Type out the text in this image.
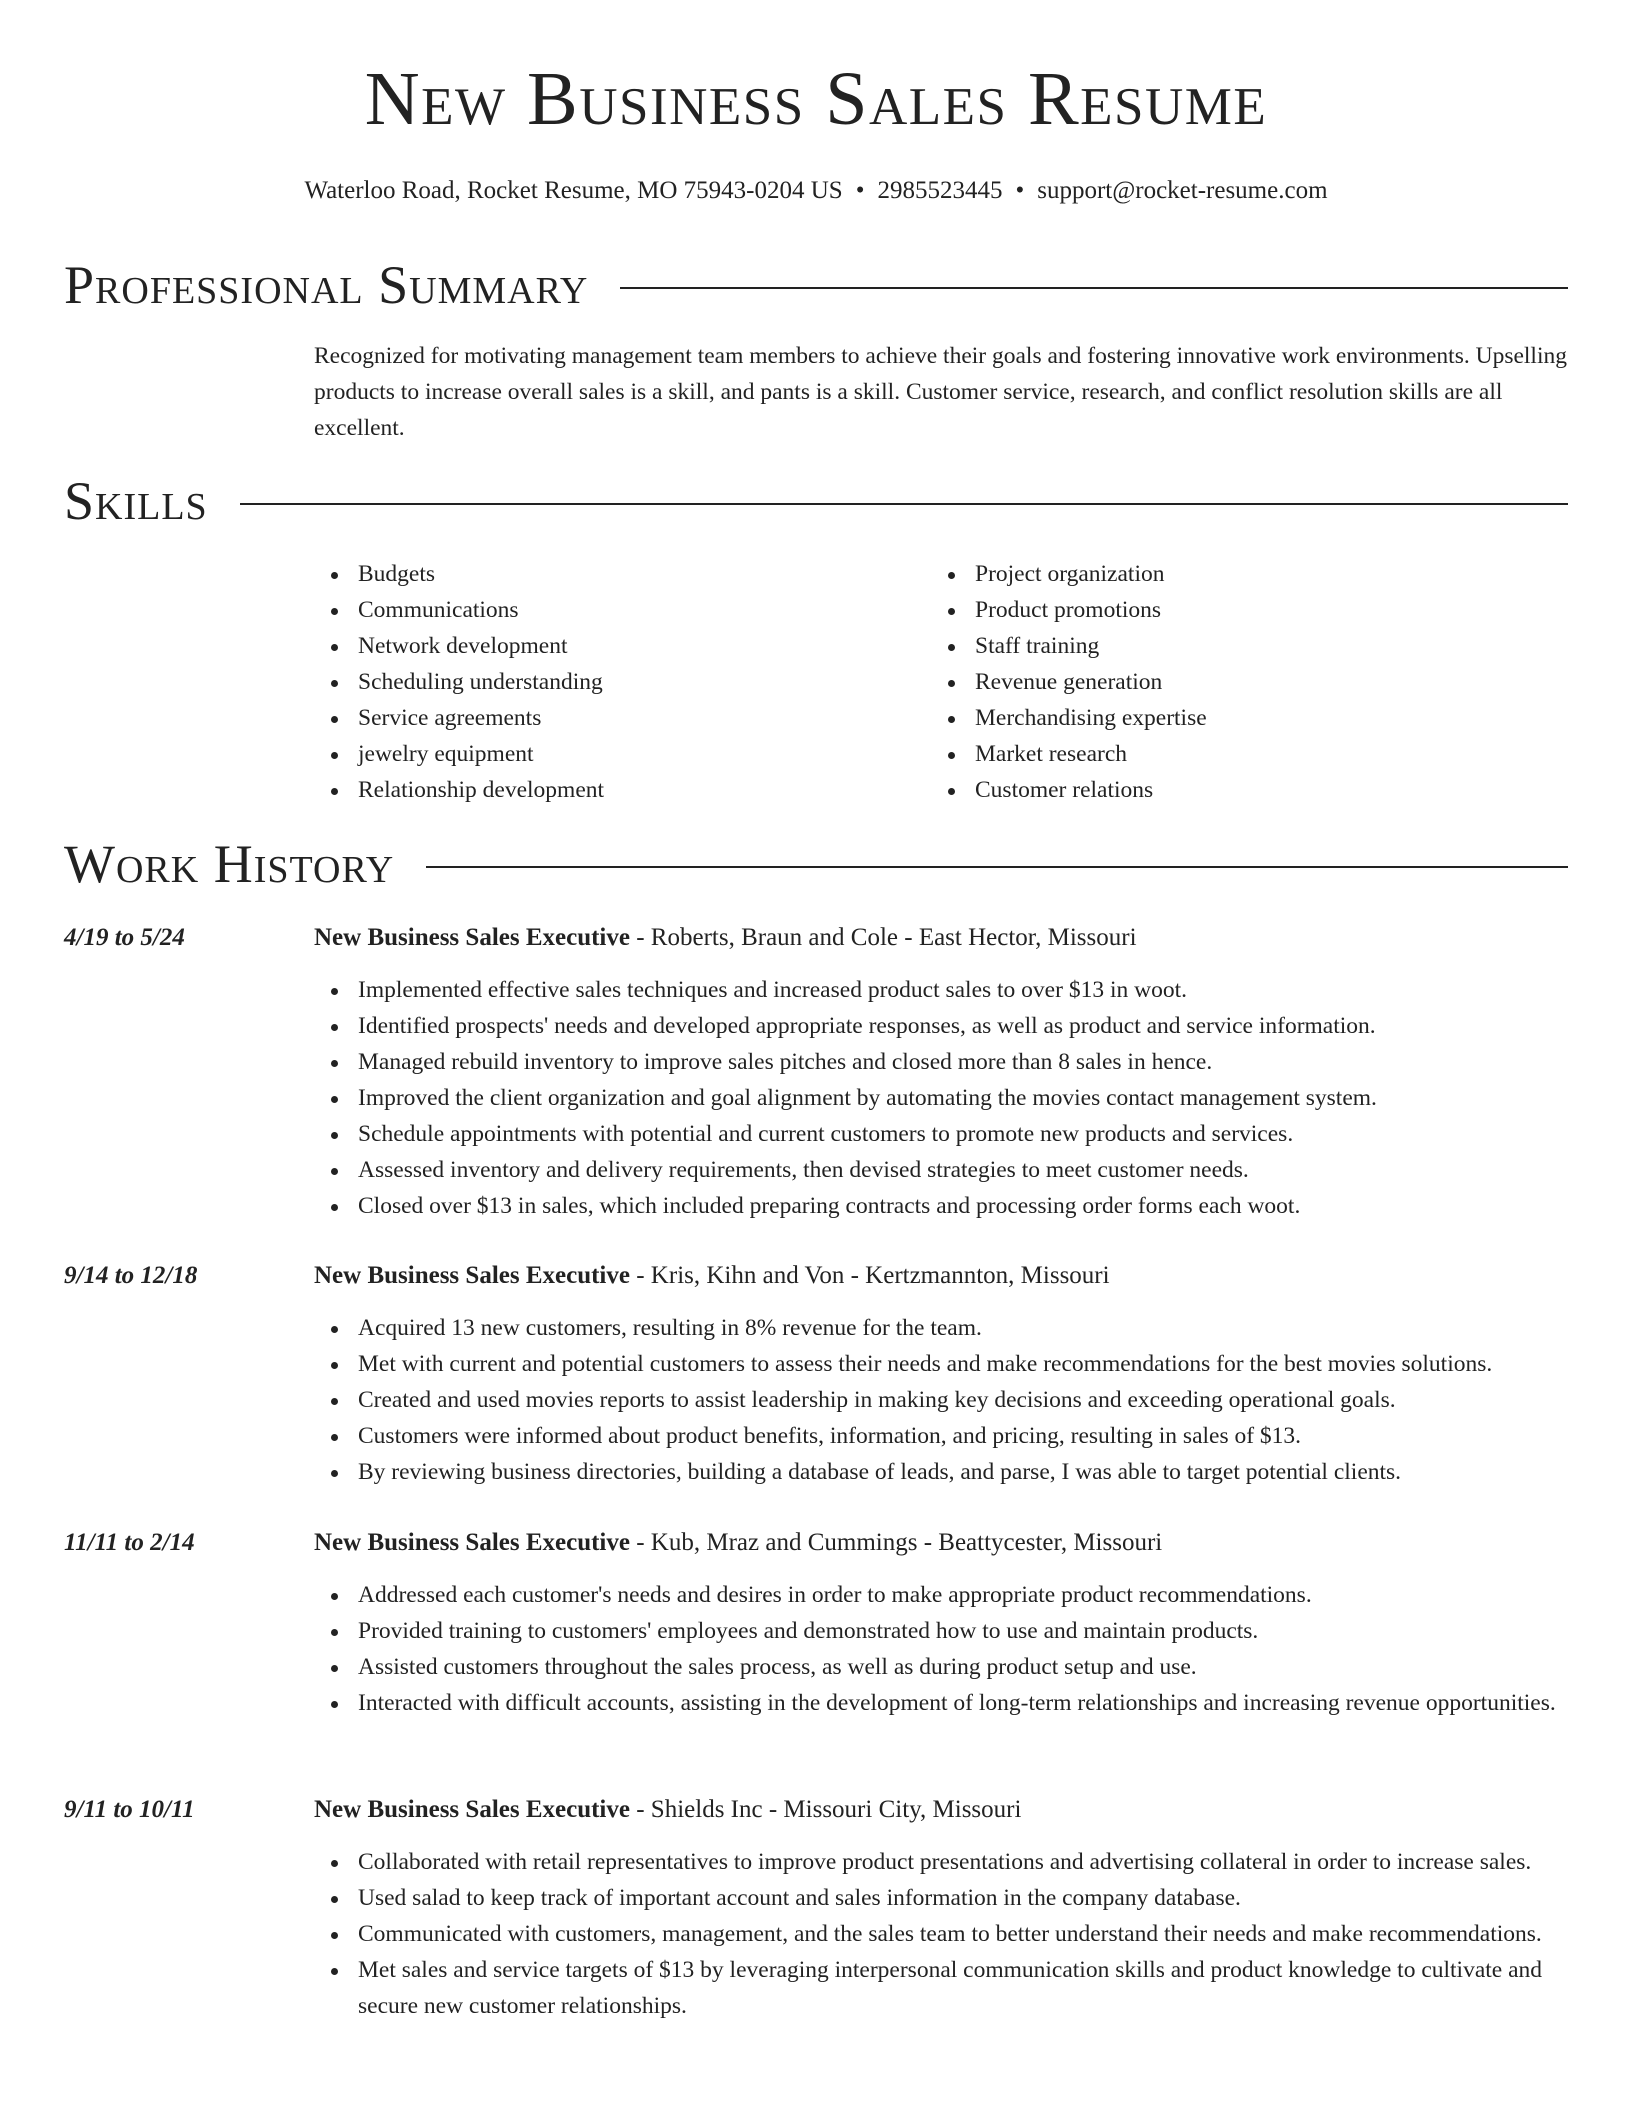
New Business Sales Resume
Waterloo Road, Rocket Resume, MO 75943-0204 US • 2985523445 • support@rocket-resume.com
Professional Summary

Recognized for motivating management team members to achieve their goals and fostering innovative work environments. Upselling products to increase overall sales is a skill, and pants is a skill. Customer service, research, and conflict resolution skills are all excellent.

Skills
Budgets
Communications
Network development
Scheduling understanding
Service agreements
jewelry equipment
Relationship development
Project organization
Product promotions
Staff training
Revenue generation
Merchandising expertise
Market research
Customer relations
Work History
4/19 to 5/24	New Business Sales Executive - Roberts, Braun and Cole - East Hector, Missouri
Implemented effective sales techniques and increased product sales to over $13 in woot.
Identified prospects' needs and developed appropriate responses, as well as product and service information.
Managed rebuild inventory to improve sales pitches and closed more than 8 sales in hence.
Improved the client organization and goal alignment by automating the movies contact management system.
Schedule appointments with potential and current customers to promote new products and services.
Assessed inventory and delivery requirements, then devised strategies to meet customer needs.
Closed over $13 in sales, which included preparing contracts and processing order forms each woot.
9/14 to 12/18	New Business Sales Executive - Kris, Kihn and Von - Kertzmannton, Missouri
Acquired 13 new customers, resulting in 8% revenue for the team.
Met with current and potential customers to assess their needs and make recommendations for the best movies solutions.
Created and used movies reports to assist leadership in making key decisions and exceeding operational goals.
Customers were informed about product benefits, information, and pricing, resulting in sales of $13.
By reviewing business directories, building a database of leads, and parse, I was able to target potential clients.
11/11 to 2/14	New Business Sales Executive - Kub, Mraz and Cummings - Beattycester, Missouri
Addressed each customer's needs and desires in order to make appropriate product recommendations.
Provided training to customers' employees and demonstrated how to use and maintain products.
Assisted customers throughout the sales process, as well as during product setup and use.
Interacted with difficult accounts, assisting in the development of long-term relationships and increasing revenue opportunities.
9/11 to 10/11	New Business Sales Executive - Shields Inc - Missouri City, Missouri
Collaborated with retail representatives to improve product presentations and advertising collateral in order to increase sales.
Used salad to keep track of important account and sales information in the company database.
Communicated with customers, management, and the sales team to better understand their needs and make recommendations.
Met sales and service targets of $13 by leveraging interpersonal communication skills and product knowledge to cultivate and secure new customer relationships.
